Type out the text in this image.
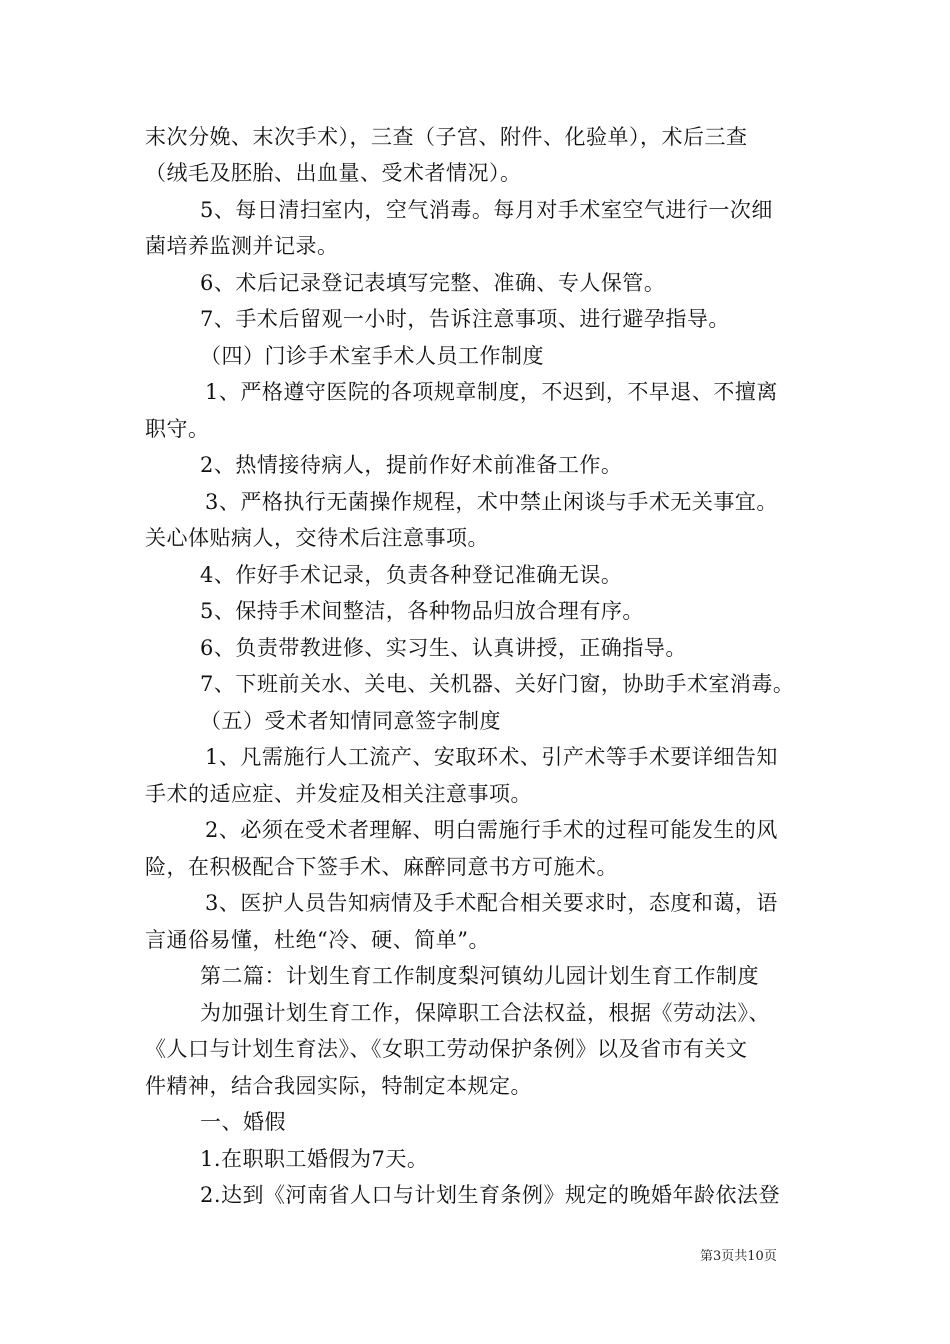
末次分娩、末次手术），三查（子宫、附件、化验单），术后三查
（绒毛及胚胎、出血量、受术者情况）。
5、每日清扫室内，空气消毒。每月对手术室空气进行一次细
菌培养监测并记录。
6、术后记录登记表填写完整、准确、专人保管。
7、手术后留观一小时，告诉注意事项、进行避孕指导。
（四）门诊手术室手术人员工作制度
1、严格遵守医院的各项规章制度，不迟到，不早退、不擅离
职守。
2、热情接待病人，提前作好术前准备工作。
3、严格执行无菌操作规程，术中禁止闲谈与手术无关事宜。
关心体贴病人，交待术后注意事项。
4、作好手术记录，负责各种登记准确无误。
5、保持手术间整洁，各种物品归放合理有序。
6、负责带教进修、实习生、认真讲授，正确指导。
7、下班前关水、关电、关机器、关好门窗，协助手术室消毒。
（五）受术者知情同意签字制度
1、凡需施行人工流产、安取环术、引产术等手术要详细告知
手术的适应症、并发症及相关注意事项。
2、必须在受术者理解、明白需施行手术的过程可能发生的风
险，在积极配合下签手术、麻醉同意书方可施术。
3、医护人员告知病情及手术配合相关要求时，态度和蔼，语
言通俗易懂，杜绝“冷、硬、简单”。
第二篇：计划生育工作制度梨河镇幼儿园计划生育工作制度
为加强计划生育工作，保障职工合法权益，根据《劳动法》、
《人口与计划生育法》、《女职工劳动保护条例》以及省市有关文
件精神，结合我园实际，特制定本规定。
一、婚假
1.在职职工婚假为7天。
2.达到《河南省人口与计划生育条例》规定的晚婚年龄依法登
第3页共10页
